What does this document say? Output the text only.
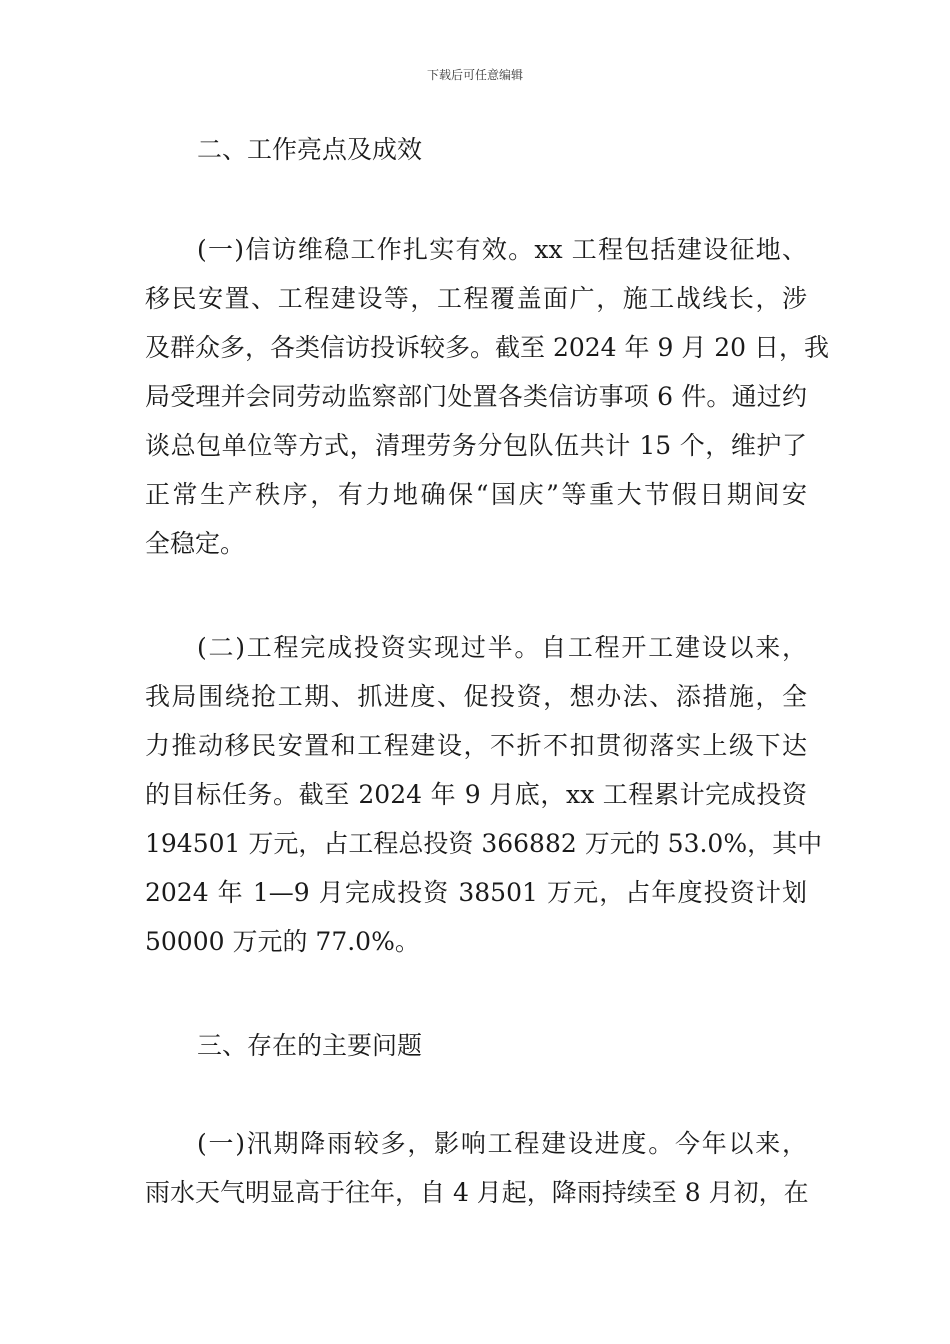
下载后可任意编辑
二、工作亮点及成效
(一)信访维稳工作扎实有效。xx 工程包括建设征地、
移民安置、工程建设等，工程覆盖面广，施工战线长，涉
及群众多，各类信访投诉较多。截至 2024 年 9 月 20 日，我
局受理并会同劳动监察部门处置各类信访事项 6 件。通过约
谈总包单位等方式，清理劳务分包队伍共计 15 个，维护了
正常生产秩序，有力地确保“国庆”等重大节假日期间安
全稳定。
(二)工程完成投资实现过半。自工程开工建设以来，
我局围绕抢工期、抓进度、促投资，想办法、添措施，全
力推动移民安置和工程建设，不折不扣贯彻落实上级下达
的目标任务。截至 2024 年 9 月底，xx 工程累计完成投资
194501 万元，占工程总投资 366882 万元的 53.0%，其中
2024 年 1—9 月完成投资 38501 万元，占年度投资计划
50000 万元的 77.0%。
三、存在的主要问题
(一)汛期降雨较多，影响工程建设进度。今年以来，
雨水天气明显高于往年，自 4 月起，降雨持续至 8 月初，在
